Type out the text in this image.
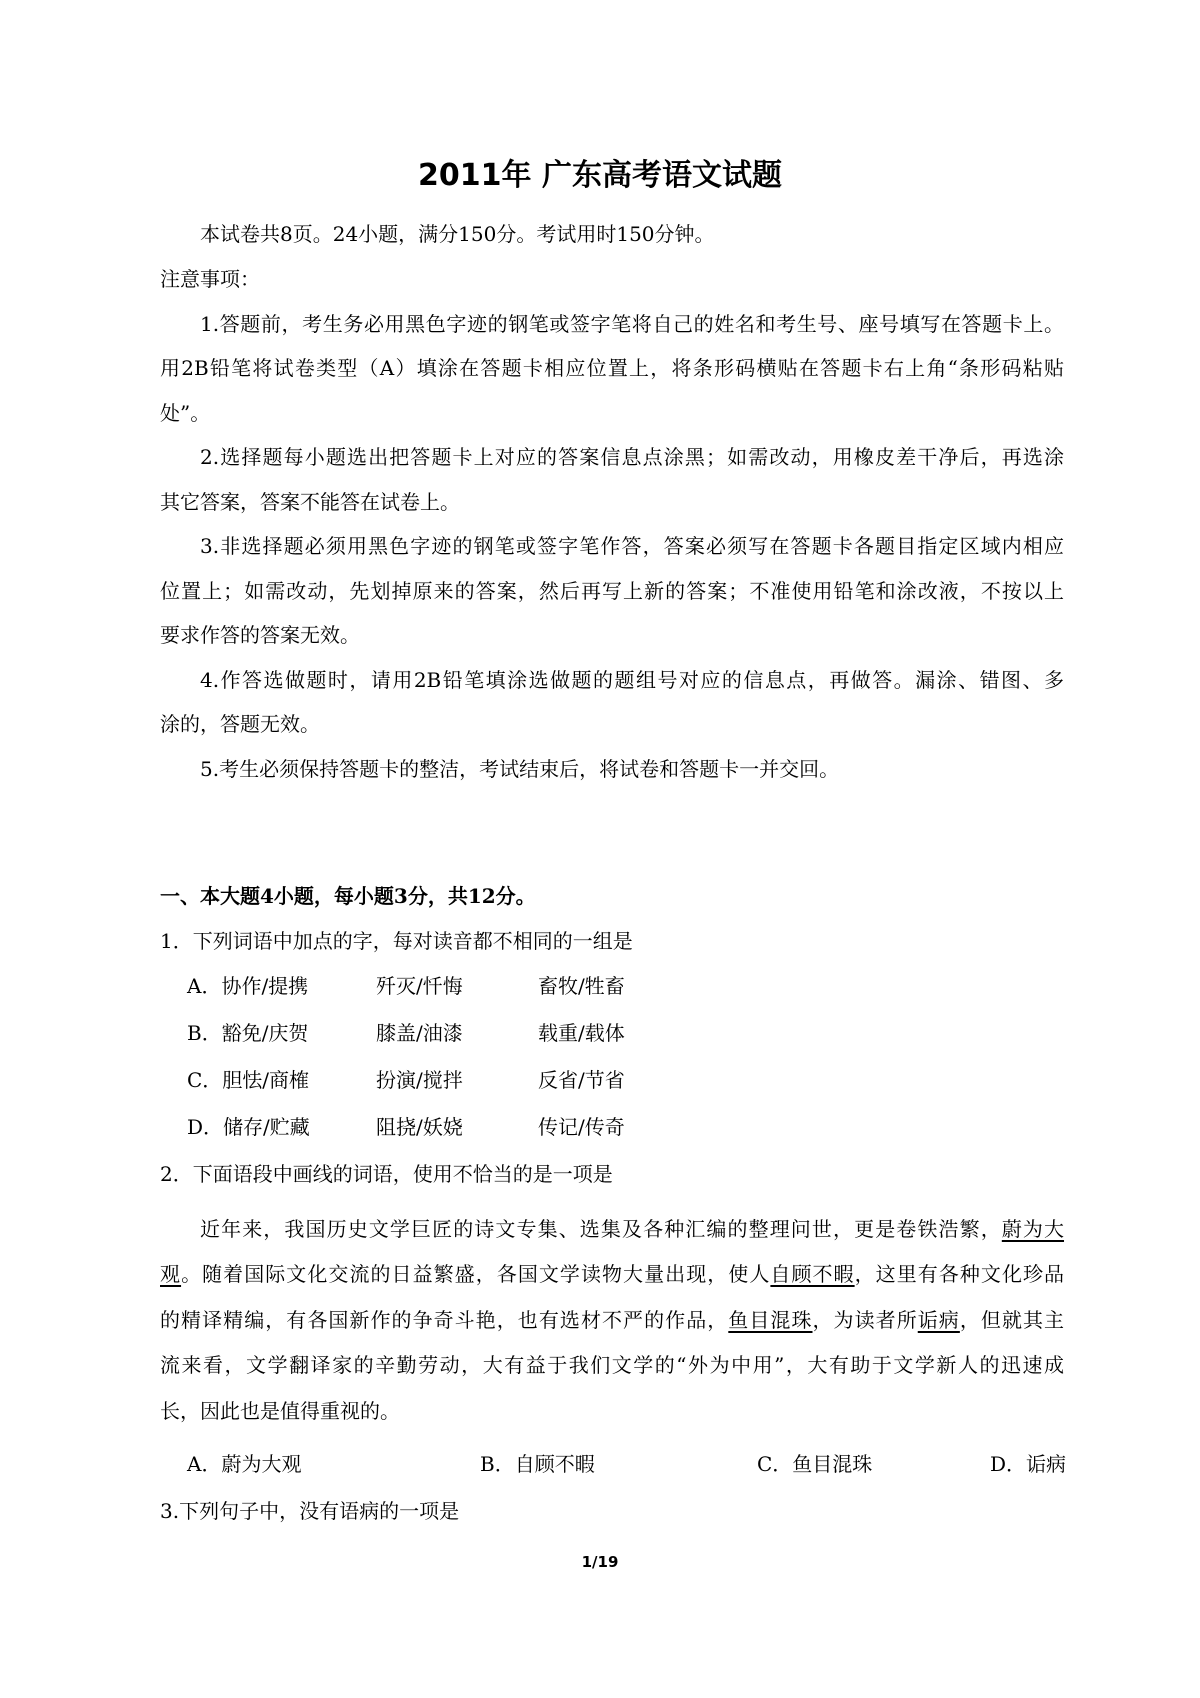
2011年 广东高考语文试题
本试卷共8页。24小题，满分150分。考试用时150分钟。
注意事项：
1.答题前，考生务必用黑色字迹的钢笔或签字笔将自己的姓名和考生号、座号填写在答题卡上。
用2B铅笔将试卷类型（A）填涂在答题卡相应位置上，将条形码横贴在答题卡右上角“条形码粘贴
处”。
2.选择题每小题选出把答题卡上对应的答案信息点涂黑；如需改动，用橡皮差干净后，再选涂
其它答案，答案不能答在试卷上。
3.非选择题必须用黑色字迹的钢笔或签字笔作答，答案必须写在答题卡各题目指定区域内相应
位置上；如需改动，先划掉原来的答案，然后再写上新的答案；不准使用铅笔和涂改液，不按以上
要求作答的答案无效。
4.作答选做题时，请用2B铅笔填涂选做题的题组号对应的信息点，再做答。漏涂、错图、多
涂的，答题无效。
5.考生必须保持答题卡的整洁，考试结束后，将试卷和答题卡一并交回。
一、本大题4小题，每小题3分，共12分。
1．下列词语中加点的字，每对读音都不相同的一组是
A．协作/提携	歼灭/忏悔	畜牧/牲畜
B．豁免/庆贺	膝盖/油漆	载重/载体
C．胆怯/商榷	扮演/搅拌	反省/节省
D．储存/贮藏	阻挠/妖娆	传记/传奇
2．下面语段中画线的词语，使用不恰当的是一项是
近年来，我国历史文学巨匠的诗文专集、选集及各种汇编的整理问世，更是卷铁浩繁，蔚为大
观。随着国际文化交流的日益繁盛，各国文学读物大量出现，使人自顾不暇，这里有各种文化珍品
的精译精编，有各国新作的争奇斗艳，也有选材不严的作品，鱼目混珠，为读者所诟病，但就其主
流来看，文学翻译家的辛勤劳动，大有益于我们文学的“外为中用”，大有助于文学新人的迅速成
长，因此也是值得重视的。
A．蔚为大观	B．自顾不暇	C．鱼目混珠	D．诟病
3.下列句子中，没有语病的一项是
1/19
